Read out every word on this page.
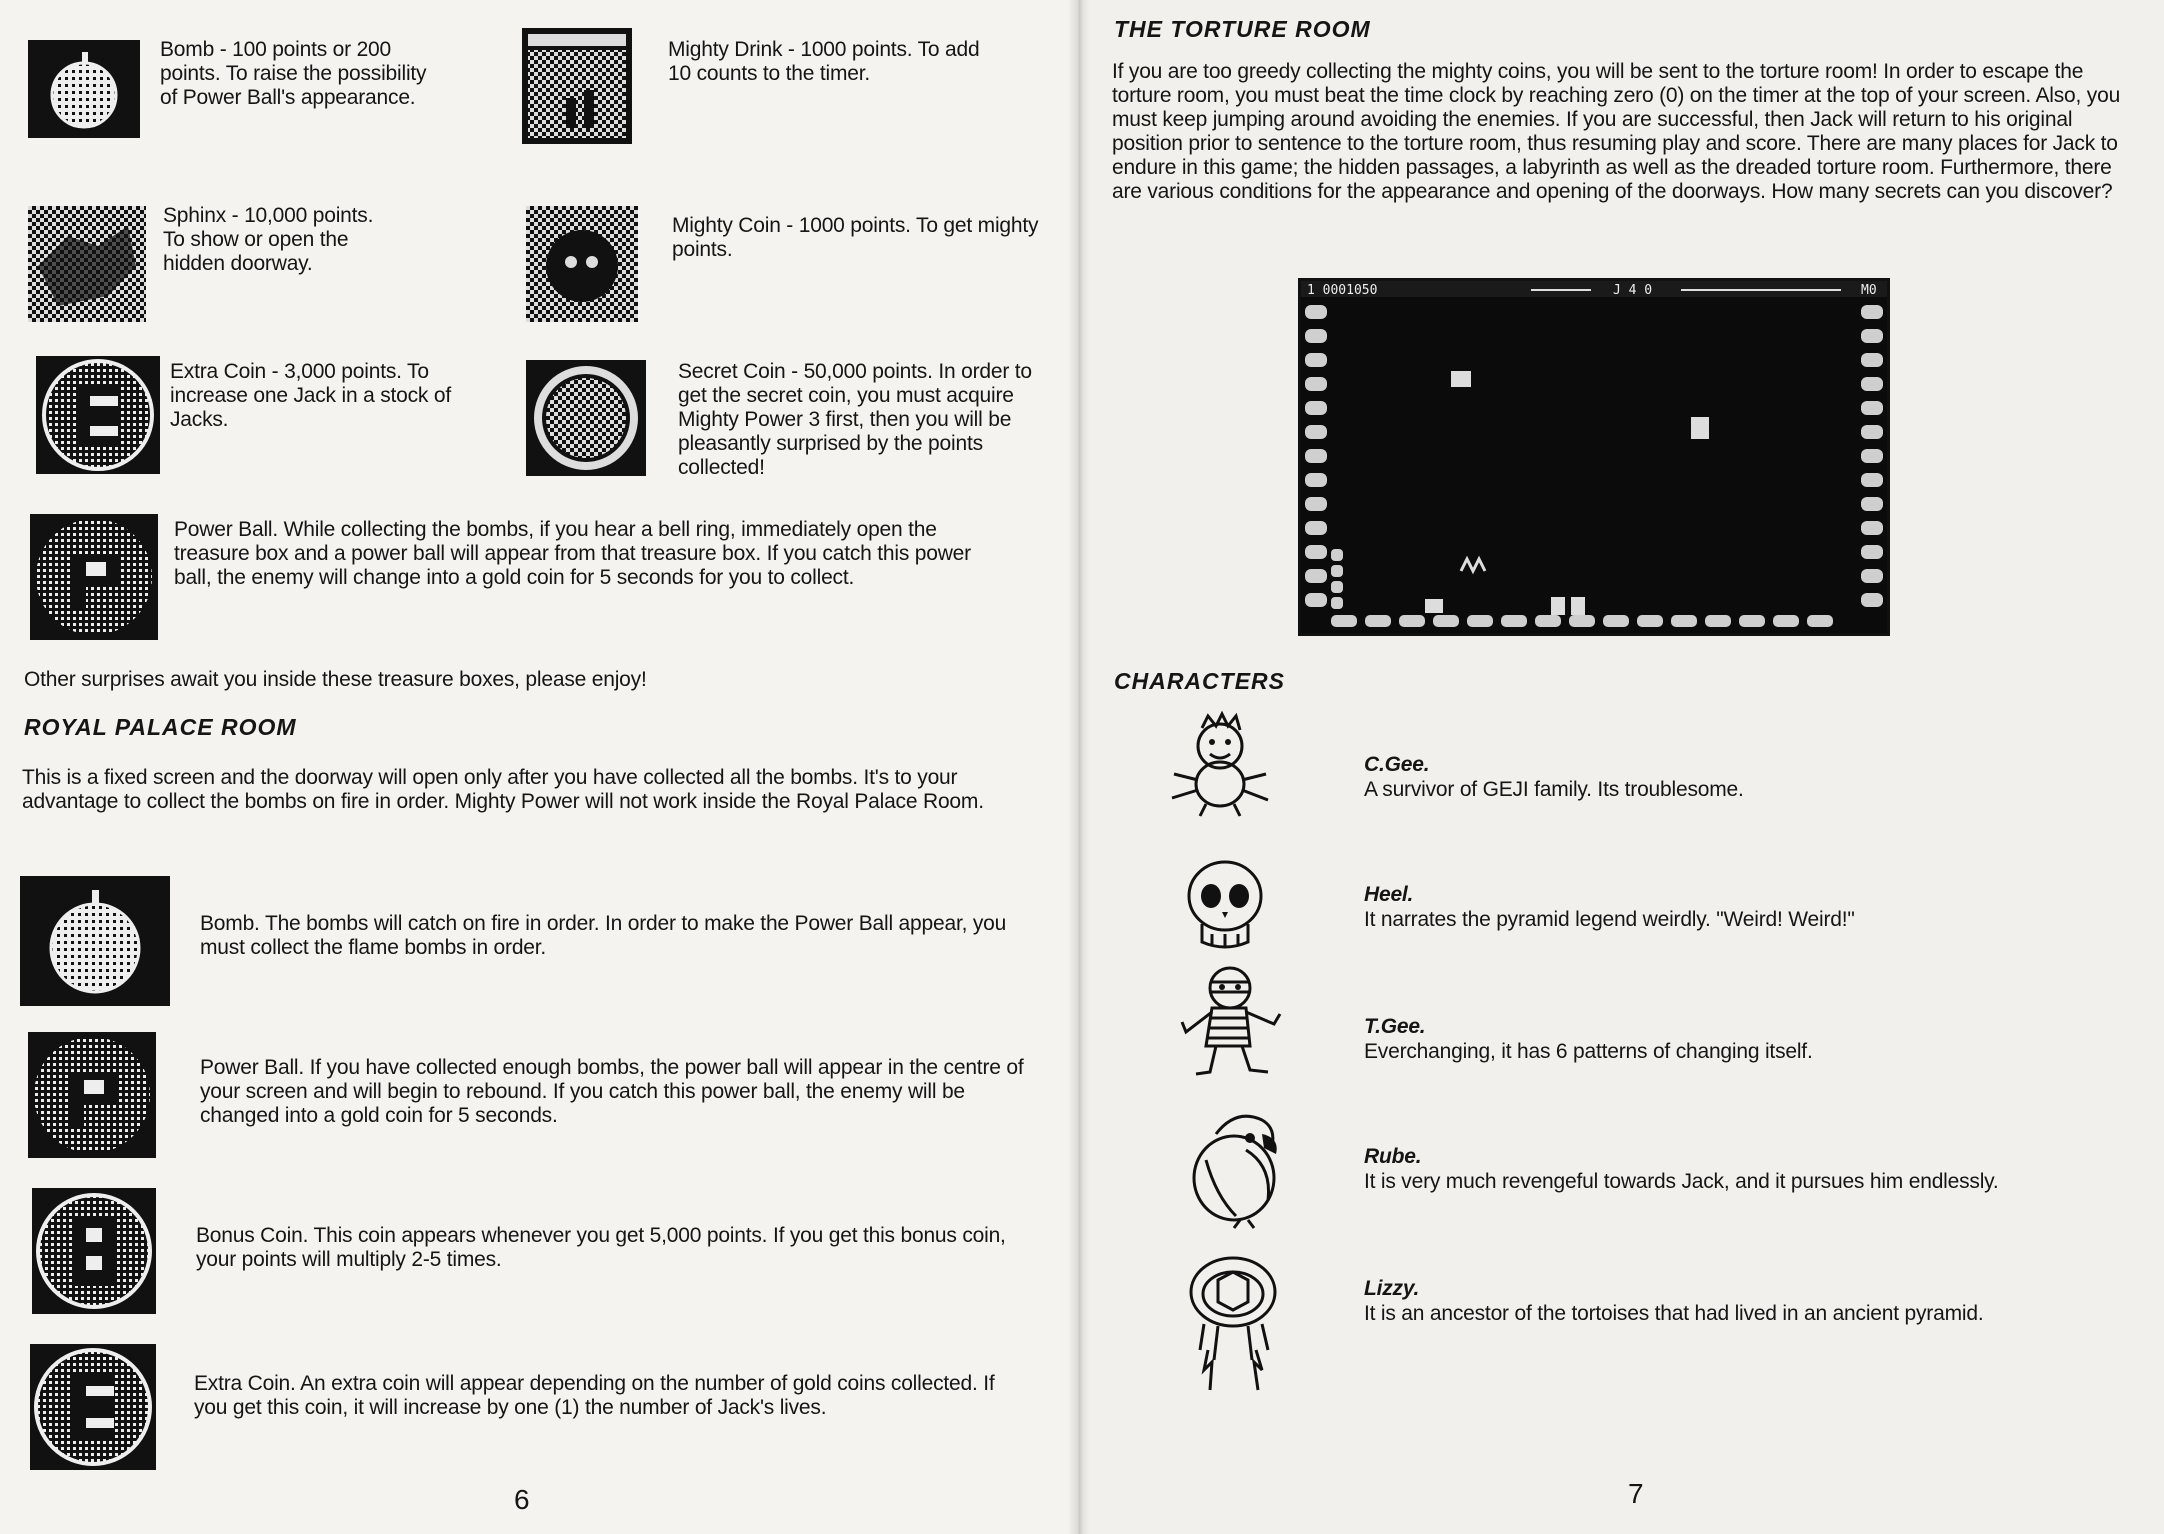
Bomb - 100 points or 200 points. To raise the possibility of Power Ball's appearance.
Mighty Drink - 1000 points. To add 10 counts to the timer.
Sphinx - 10,000 points. To show or open the hidden doorway.
Mighty Coin - 1000 points. To get mighty points.
Extra Coin - 3,000 points. To increase one Jack in a stock of Jacks.
Secret Coin - 50,000 points. In order to get the secret coin, you must acquire Mighty Power 3 first, then you will be pleasantly surprised by the points collected!
Power Ball. While collecting the bombs, if you hear a bell ring, immediately open the treasure box and a power ball will appear from that treasure box. If you catch this power ball, the enemy will change into a gold coin for 5 seconds for you to collect.
Other surprises await you inside these treasure boxes, please enjoy!
ROYAL PALACE ROOM
This is a fixed screen and the doorway will open only after you have collected all the bombs. It's to your advantage to collect the bombs on fire in order. Mighty Power will not work inside the Royal Palace Room.
Bomb. The bombs will catch on fire in order. In order to make the Power Ball appear, you must collect the flame bombs in order.
Power Ball. If you have collected enough bombs, the power ball will appear in the centre of your screen and will begin to rebound. If you catch this power ball, the enemy will be changed into a gold coin for 5 seconds.
Bonus Coin. This coin appears whenever you get 5,000 points. If you get this bonus coin, your points will multiply 2-5 times.
Extra Coin. An extra coin will appear depending on the number of gold coins collected. If you get this coin, it will increase by one (1) the number of Jack's lives.
6
THE TORTURE ROOM
If you are too greedy collecting the mighty coins, you will be sent to the torture room! In order to escape the torture room, you must beat the time clock by reaching zero (0) on the timer at the top of your screen. Also, you must keep jumping around avoiding the enemies. If you are successful, then Jack will return to his original position prior to sentence to the torture room, thus resuming play and score. There are many places for Jack to endure in this game; the hidden passages, a labyrinth as well as the dreaded torture room. Furthermore, there are various conditions for the appearance and opening of the doorways. How many secrets can you discover?
1 0001050	J 4 0	M0
CHARACTERS
C.Gee.
A survivor of GEJI family. Its troublesome.
Heel.
It narrates the pyramid legend weirdly. "Weird! Weird!"
T.Gee.
Everchanging, it has 6 patterns of changing itself.
Rube.
It is very much revengeful towards Jack, and it pursues him endlessly.
Lizzy.
It is an ancestor of the tortoises that had lived in an ancient pyramid.
7
